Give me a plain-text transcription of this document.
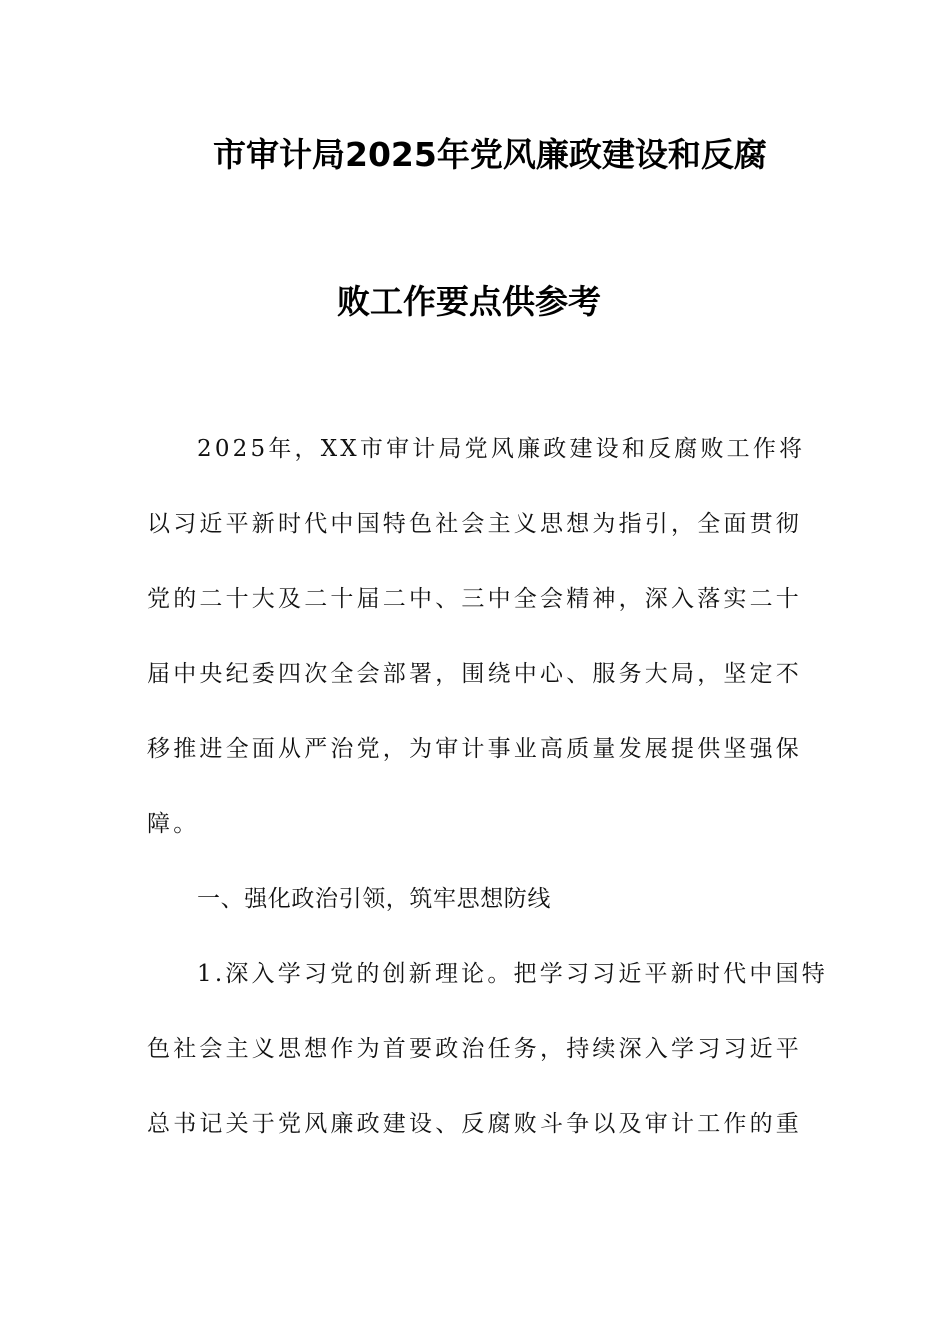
市审计局2025年党风廉政建设和反腐
败工作要点供参考
2025年，XX市审计局党风廉政建设和反腐败工作将
以习近平新时代中国特色社会主义思想为指引，全面贯彻
党的二十大及二十届二中、三中全会精神，深入落实二十
届中央纪委四次全会部署，围绕中心、服务大局，坚定不
移推进全面从严治党，为审计事业高质量发展提供坚强保
障。
一、强化政治引领，筑牢思想防线
1.深入学习党的创新理论。把学习习近平新时代中国特
色社会主义思想作为首要政治任务，持续深入学习习近平
总书记关于党风廉政建设、反腐败斗争以及审计工作的重
